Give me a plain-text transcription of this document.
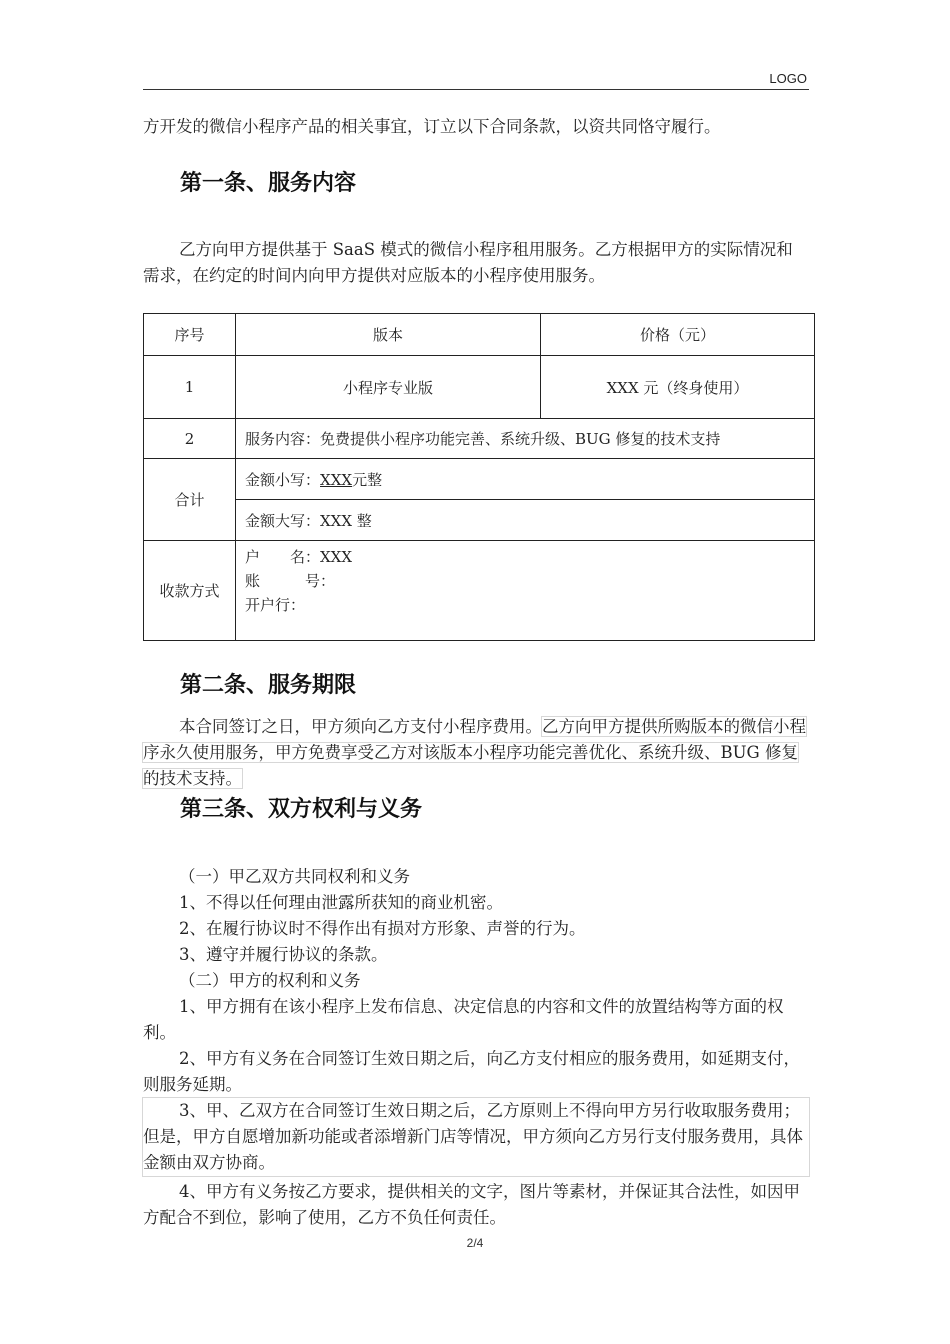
LOGO

方开发的微信小程序产品的相关事宜，订立以下合同条款，以资共同恪守履行。

第一条、服务内容

乙方向甲方提供基于 SaaS 模式的微信小程序租用服务。乙方根据甲方的实际情况和需求，在约定的时间内向甲方提供对应版本的小程序使用服务。

序号	版本	价格（元）
1	小程序专业版	XXX 元（终身使用）
2	服务内容：免费提供小程序功能完善、系统升级、BUG 修复的技术支持	
合计	金额小写：XXX元整	
	金额大写：XXX 整	
收款方式	户　　名：XXX
账　　　号：
开户行：	
第二条、服务期限

本合同签订之日，甲方须向乙方支付小程序费用。乙方向甲方提供所购版本的微信小程序永久使用服务，甲方免费享受乙方对该版本小程序功能完善优化、系统升级、BUG 修复的技术支持。

第三条、双方权利与义务

（一）甲乙双方共同权利和义务

1、不得以任何理由泄露所获知的商业机密。

2、在履行协议时不得作出有损对方形象、声誉的行为。

3、遵守并履行协议的条款。

（二）甲方的权利和义务

1、甲方拥有在该小程序上发布信息、决定信息的内容和文件的放置结构等方面的权利。

2、甲方有义务在合同签订生效日期之后，向乙方支付相应的服务费用，如延期支付，则服务延期。

3、甲、乙双方在合同签订生效日期之后，乙方原则上不得向甲方另行收取服务费用；但是，甲方自愿增加新功能或者添增新门店等情况，甲方须向乙方另行支付服务费用，具体金额由双方协商。

4、甲方有义务按乙方要求，提供相关的文字，图片等素材，并保证其合法性，如因甲方配合不到位，影响了使用，乙方不负任何责任。

2/4
